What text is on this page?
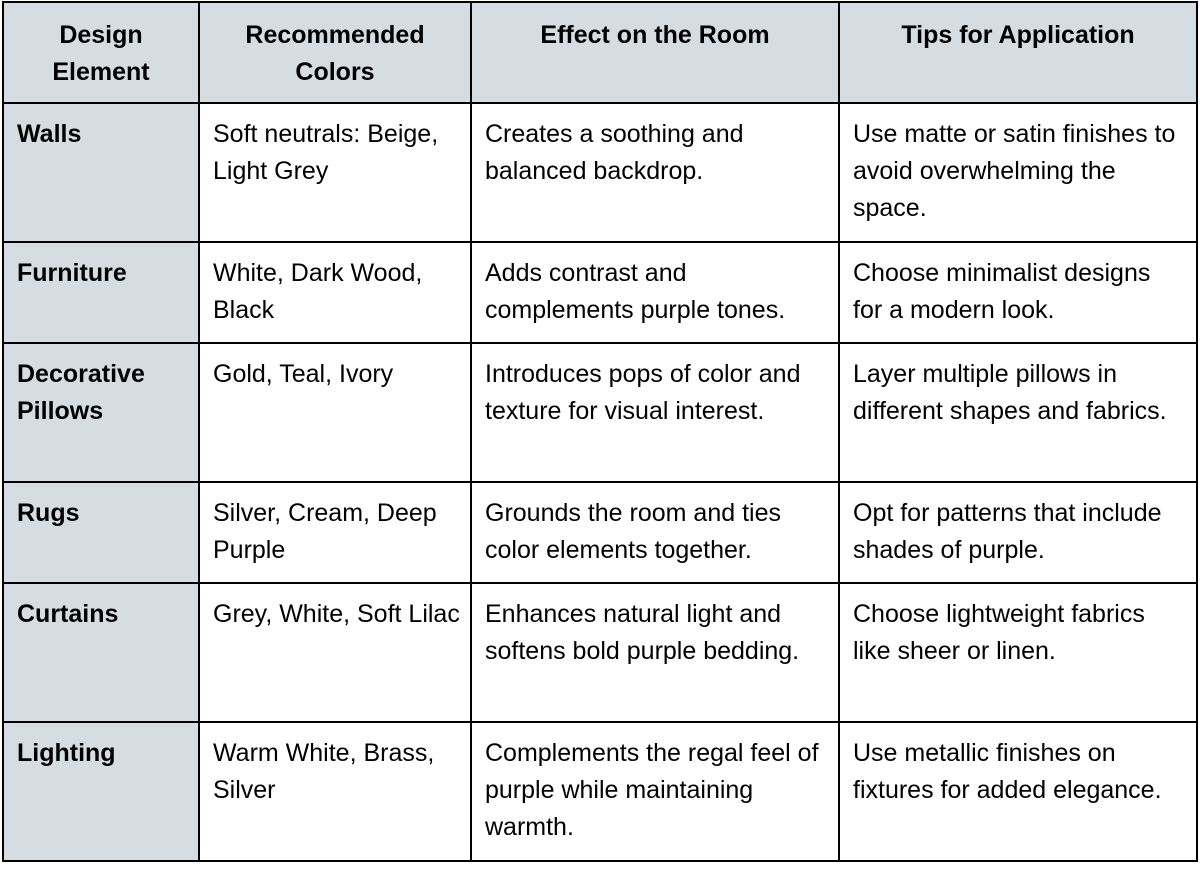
Design Element	Recommended Colors	Effect on the Room	Tips for Application
Walls	Soft neutrals: Beige, Light Grey	Creates a soothing and balanced backdrop.	Use matte or satin finishes to avoid overwhelming the space.
Furniture	White, Dark Wood, Black	Adds contrast and complements purple tones.	Choose minimalist designs for a modern look.
Decorative Pillows	Gold, Teal, Ivory	Introduces pops of color and texture for visual interest.	Layer multiple pillows in different shapes and fabrics.
Rugs	Silver, Cream, Deep Purple	Grounds the room and ties color elements together.	Opt for patterns that include shades of purple.
Curtains	Grey, White, Soft Lilac	Enhances natural light and softens bold purple bedding.	Choose lightweight fabrics like sheer or linen.
Lighting	Warm White, Brass, Silver	Complements the regal feel of purple while maintaining warmth.	Use metallic finishes on fixtures for added elegance.
